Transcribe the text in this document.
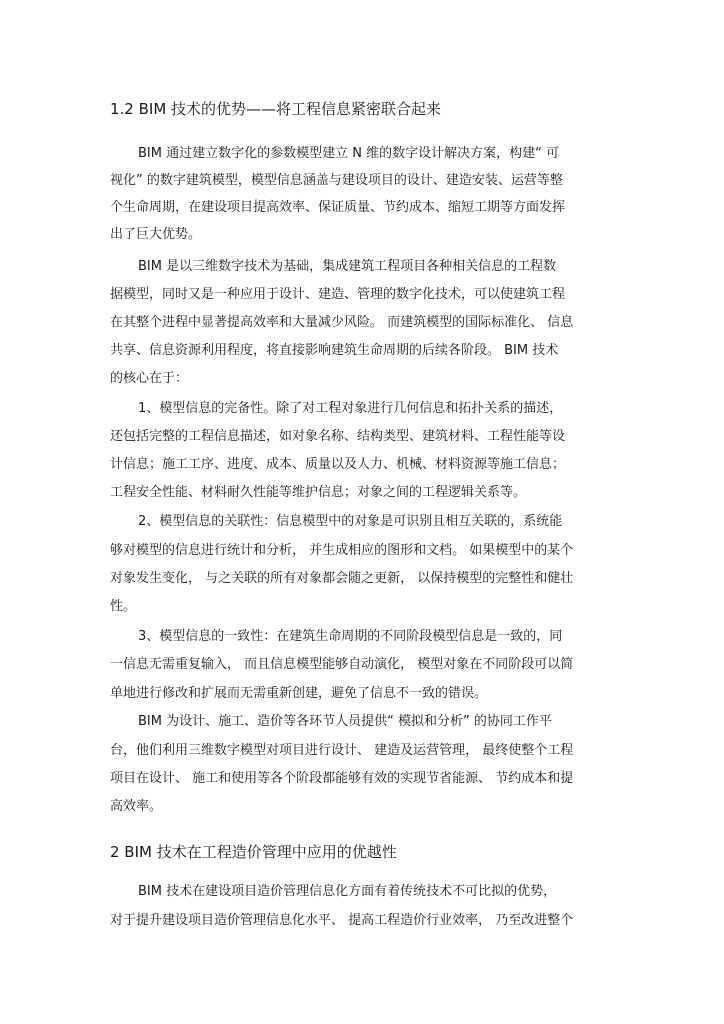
1.2 BIM 技术的优势——将工程信息紧密联合起来
BIM 通过建立数字化的参数模型建立 N 维的数字设计解决方案，构建“ 可
视化” 的数字建筑模型，模型信息涵盖与建设项目的设计、建造安装、运营等整
个生命周期，在建设项目提高效率、保证质量、节约成本、缩短工期等方面发挥
出了巨大优势。
BIM 是以三维数字技术为基础，集成建筑工程项目各种相关信息的工程数
据模型，同时又是一种应用于设计、建造、管理的数字化技术，可以使建筑工程
在其整个进程中显著提高效率和大量减少风险。 而建筑模型的国际标准化、 信息
共享、信息资源利用程度，将直接影响建筑生命周期的后续各阶段。 BIM 技术
的核心在于：
1、模型信息的完备性。除了对工程对象进行几何信息和拓扑关系的描述，
还包括完整的工程信息描述，如对象名称、结构类型、建筑材料、工程性能等设
计信息；施工工序、进度、成本、质量以及人力、机械、材料资源等施工信息；
工程安全性能、材料耐久性能等维护信息；对象之间的工程逻辑关系等。
2、模型信息的关联性：信息模型中的对象是可识别且相互关联的，系统能
够对模型的信息进行统计和分析， 并生成相应的图形和文档。 如果模型中的某个
对象发生变化， 与之关联的所有对象都会随之更新， 以保持模型的完整性和健壮
性。
3、模型信息的一致性：在建筑生命周期的不同阶段模型信息是一致的，同
一信息无需重复输入， 而且信息模型能够自动演化， 模型对象在不同阶段可以简
单地进行修改和扩展而无需重新创建，避免了信息不一致的错误。
BIM 为设计、施工、造价等各环节人员提供“ 模拟和分析” 的协同工作平
台，他们利用三维数字模型对项目进行设计、 建造及运营管理， 最终使整个工程
项目在设计、 施工和使用等各个阶段都能够有效的实现节省能源、 节约成本和提
高效率。
2 BIM 技术在工程造价管理中应用的优越性
BIM 技术在建设项目造价管理信息化方面有着传统技术不可比拟的优势，
对于提升建设项目造价管理信息化水平、 提高工程造价行业效率， 乃至改进整个
